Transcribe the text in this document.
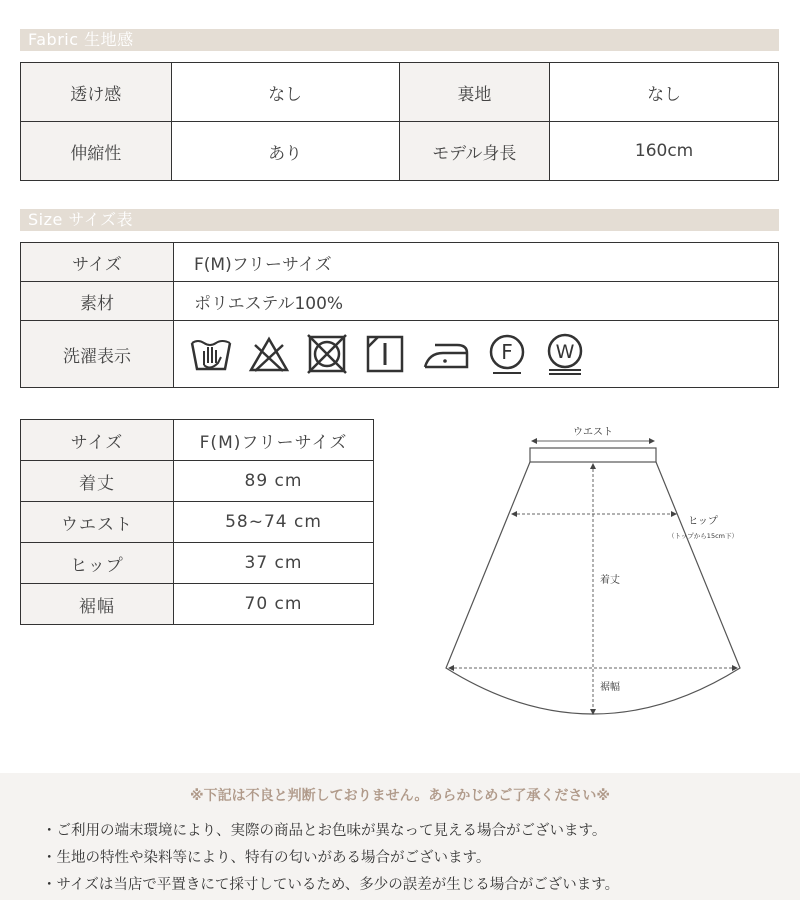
Fabric 生地感
透け感	なし	裏地	なし
伸縮性	あり	モデル身長	160cm
Size サイズ表
サイズ	F(M)フリーサイズ
素材	ポリエステル100%
洗濯表示	F W
サイズ	F(M)フリーサイズ
着丈	89 cm
ウエスト	58~74 cm
ヒップ	37 cm
裾幅	70 cm
ウエスト
ヒップ
（トップから15cm下）
着丈
裾幅
※下記は不良と判断しておりません。あらかじめご了承ください※
・ご利用の端末環境により、実際の商品とお色味が異なって見える場合がございます。
・生地の特性や染料等により、特有の匂いがある場合がございます。
・サイズは当店で平置きにて採寸しているため、多少の誤差が生じる場合がございます。
